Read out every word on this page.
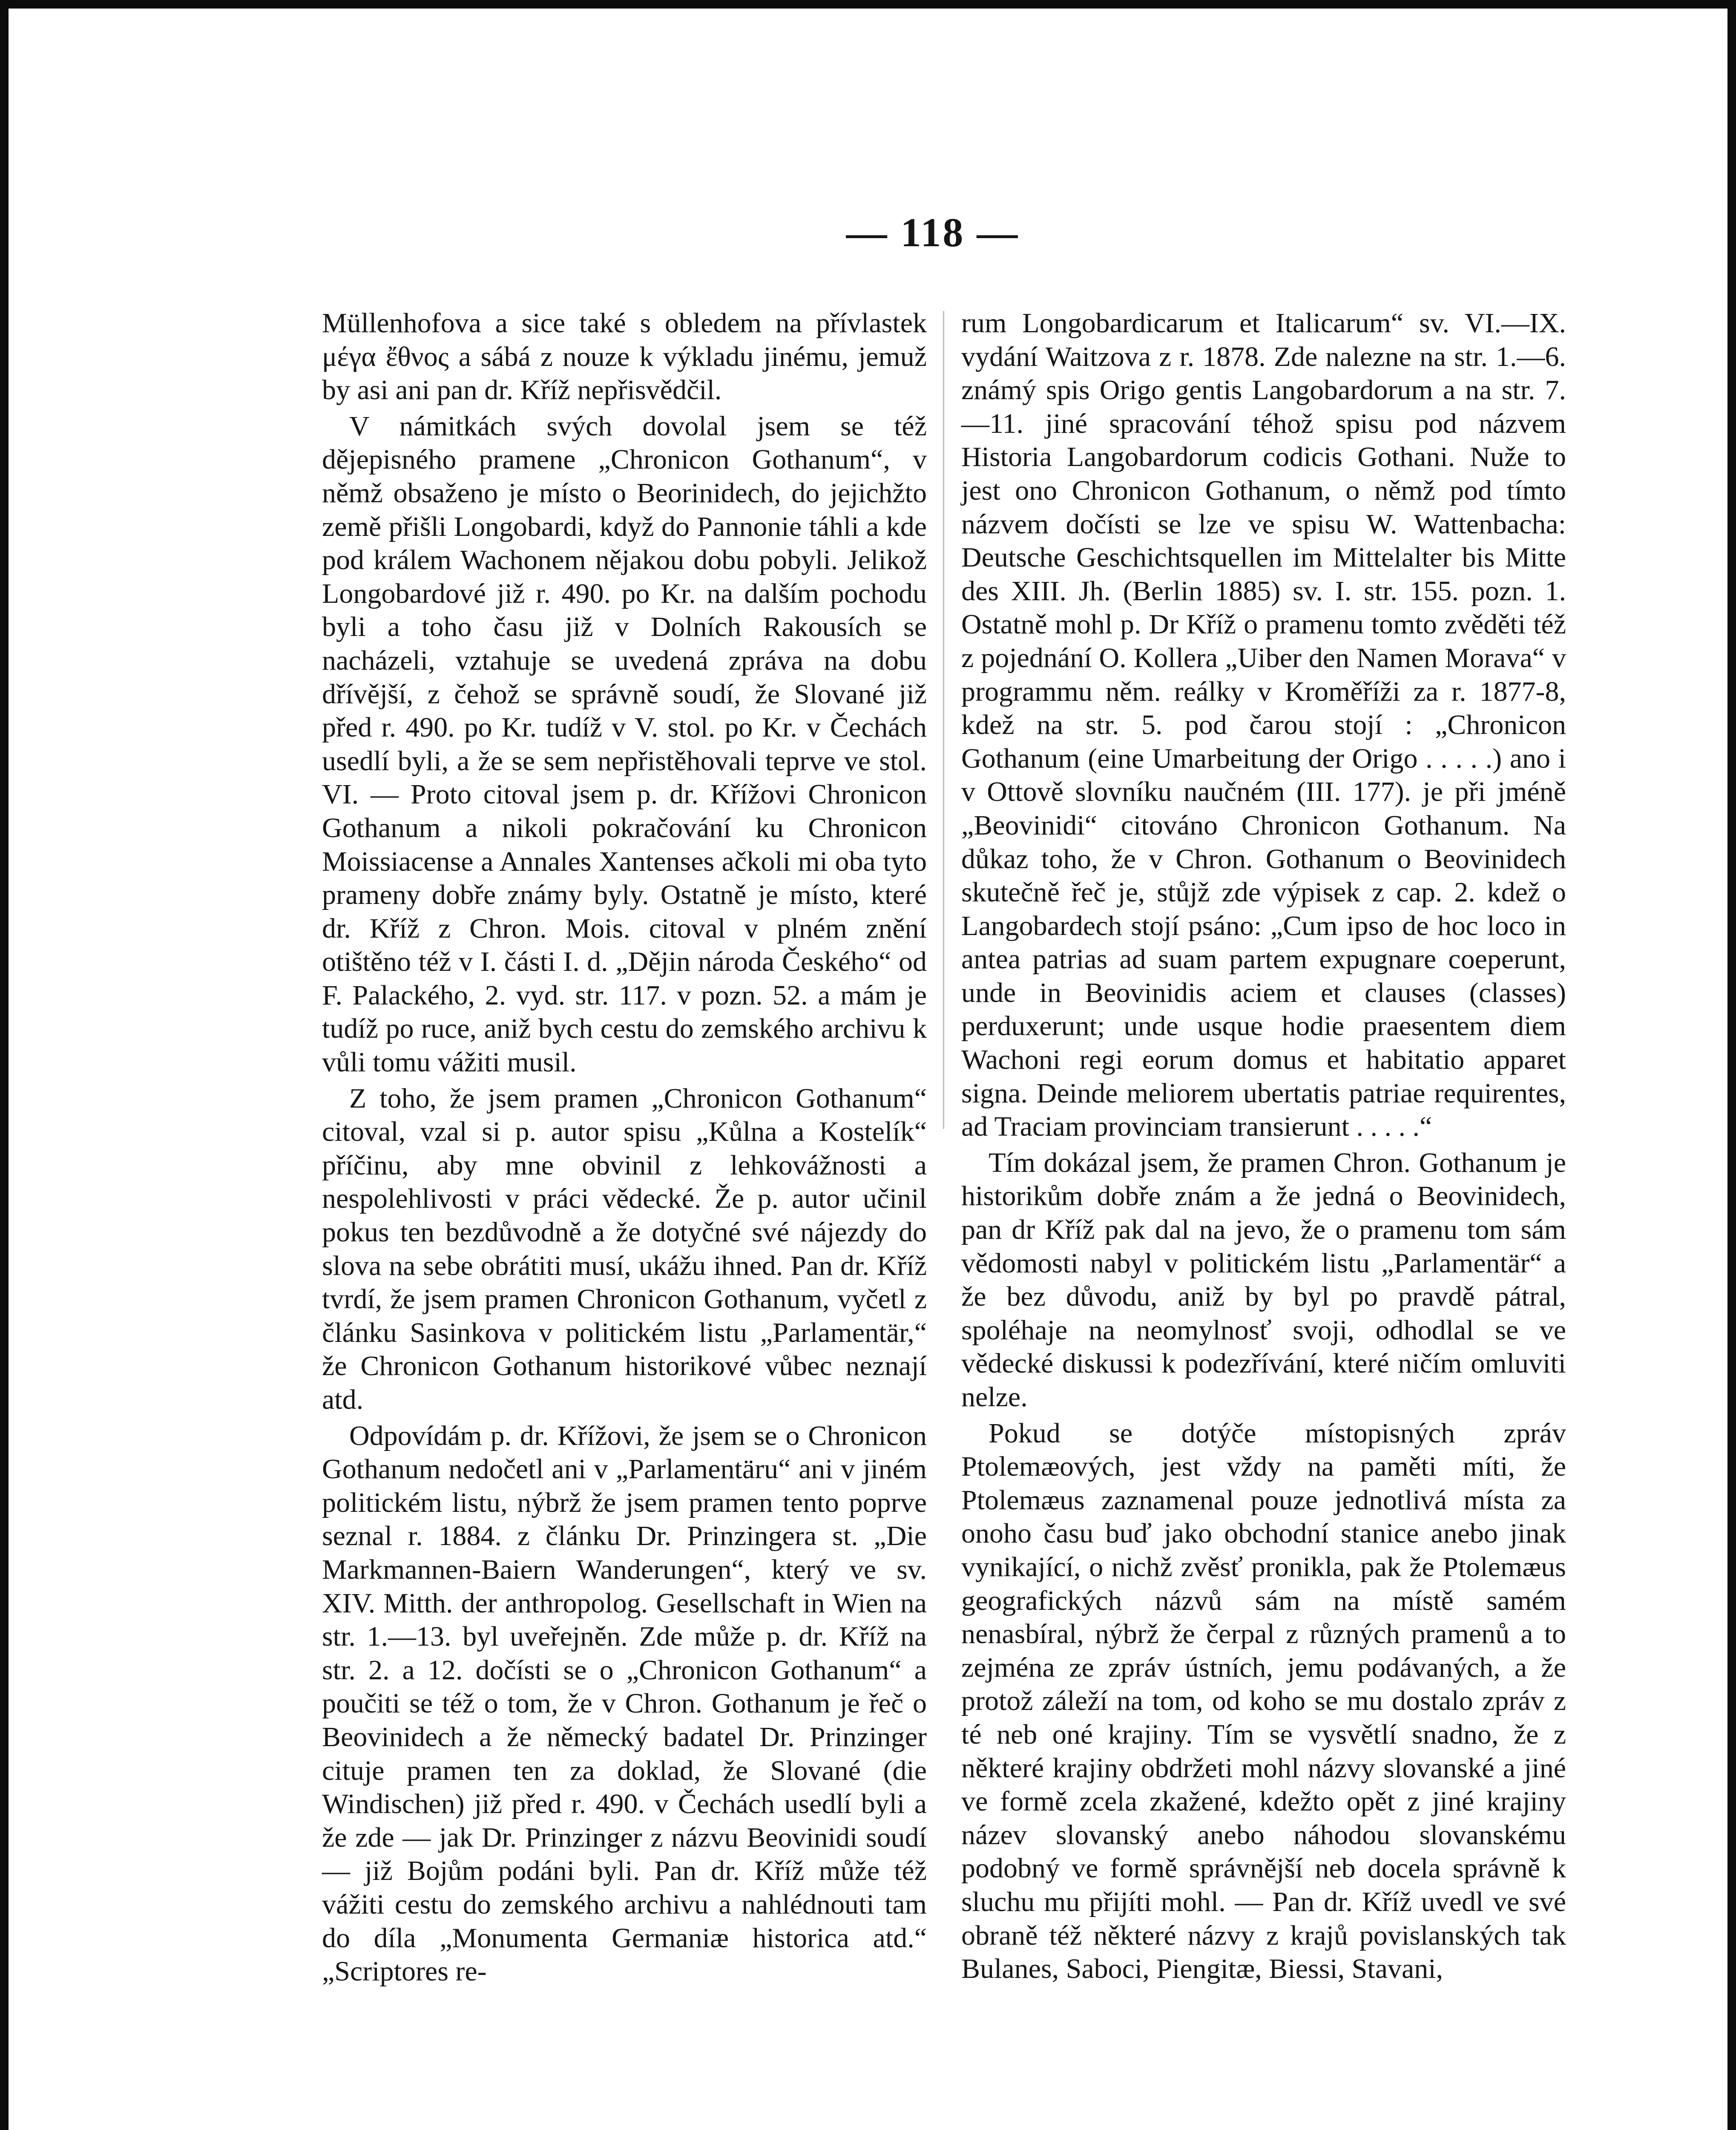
— 118 —

Müllenhofova a sice také s obledem na přívlastek μέγα ἔθνος a sábá z nouze k výkladu jinému, jemuž by asi ani pan dr. Kříž nepřisvědčil.

V námitkách svých dovolal jsem se též dějepisného pramene „Chronicon Gothanum“, v němž obsaženo je místo o Beorinidech, do jejichžto země přišli Longobardi, když do Pannonie táhli a kde pod králem Wachonem nějakou dobu pobyli. Jelikož Longobardové již r. 490. po Kr. na dalším pochodu byli a toho času již v Dolních Rakousích se nacházeli, vztahuje se uvedená zpráva na dobu dřívější, z čehož se správně soudí, že Slované již před r. 490. po Kr. tudíž v V. stol. po Kr. v Čechách usedlí byli, a že se sem nepřistěhovali teprve ve stol. VI. — Proto citoval jsem p. dr. Křížovi Chronicon Gothanum a nikoli pokračování ku Chronicon Moissiacense a Annales Xantenses ačkoli mi oba tyto prameny dobře známy byly. Ostatně je místo, které dr. Kříž z Chron. Mois. citoval v plném znění otištěno též v I. části I. d. „Dějin národa Českého“ od F. Palackého, 2. vyd. str. 117. v pozn. 52. a mám je tudíž po ruce, aniž bych cestu do zemského archivu k vůli tomu vážiti musil.

Z toho, že jsem pramen „Chronicon Gothanum“ citoval, vzal si p. autor spisu „Kůlna a Kostelík“ příčinu, aby mne obvinil z lehkovážnosti a nespolehlivosti v práci vědecké. Že p. autor učinil pokus ten bezdůvodně a že dotyčné své nájezdy do slova na sebe obrátiti musí, ukážu ihned. Pan dr. Kříž tvrdí, že jsem pramen Chronicon Gothanum, vyčetl z článku Sasinkova v politickém listu „Parlamentär,“ že Chronicon Gothanum historikové vůbec neznají atd.

Odpovídám p. dr. Křížovi, že jsem se o Chronicon Gothanum nedočetl ani v „Parlamentäru“ ani v jiném politickém listu, nýbrž že jsem pramen tento poprve seznal r. 1884. z článku Dr. Prinzingera st. „Die Markmannen-Baiern Wanderungen“, který ve sv. XIV. Mitth. der anthropolog. Gesellschaft in Wien na str. 1.—13. byl uveřejněn. Zde může p. dr. Kříž na str. 2. a 12. dočísti se o „Chronicon Gothanum“ a poučiti se též o tom, že v Chron. Gothanum je řeč o Beovinidech a že německý badatel Dr. Prinzinger cituje pramen ten za doklad, že Slované (die Windischen) již před r. 490. v Čechách usedlí byli a že zde — jak Dr. Prinzinger z názvu Beovinidi soudí — již Bojům podáni byli. Pan dr. Kříž může též vážiti cestu do zemského archivu a nahlédnouti tam do díla „Monumenta Germaniæ historica atd.“ „Scriptores re-

rum Longobardicarum et Italicarum“ sv. VI.—IX. vydání Waitzova z r. 1878. Zde nalezne na str. 1.—6. známý spis Origo gentis Langobardorum a na str. 7.—11. jiné spracování téhož spisu pod názvem Historia Langobardorum codicis Gothani. Nuže to jest ono Chronicon Gothanum, o němž pod tímto názvem dočísti se lze ve spisu W. Wattenbacha: Deutsche Geschichtsquellen im Mittelalter bis Mitte des XIII. Jh. (Berlin 1885) sv. I. str. 155. pozn. 1. Ostatně mohl p. Dr Kříž o pramenu tomto zvěděti též z pojednání O. Kollera „Uiber den Namen Morava“ v programmu něm. reálky v Kroměříži za r. 1877-8, kdež na str. 5. pod čarou stojí : „Chronicon Gothanum (eine Umarbeitung der Origo . . . . .) ano i v Ottově slovníku naučném (III. 177). je při jméně „Beovinidi“ citováno Chronicon Gothanum. Na důkaz toho, že v Chron. Gothanum o Beovinidech skutečně řeč je, stůjž zde výpisek z cap. 2. kdež o Langobardech stojí psáno: „Cum ipso de hoc loco in antea patrias ad suam partem expugnare coeperunt, unde in Beovinidis aciem et clauses (classes) perduxerunt; unde usque hodie praesentem diem Wachoni regi eorum domus et habitatio apparet signa. Deinde meliorem ubertatis patriae requirentes, ad Traciam provinciam transierunt . . . . .“

Tím dokázal jsem, že pramen Chron. Gothanum je historikům dobře znám a že jedná o Beovinidech, pan dr Kříž pak dal na jevo, že o pramenu tom sám vědomosti nabyl v politickém listu „Parlamentär“ a že bez důvodu, aniž by byl po pravdě pátral, spoléhaje na neomylnosť svoji, odhodlal se ve vědecké diskussi k podezřívání, které ničím omluviti nelze.

Pokud se dotýče místopisných zpráv Ptolemæových, jest vždy na paměti míti, že Ptolemæus zaznamenal pouze jednotlivá místa za onoho času buď jako obchodní stanice anebo jinak vynikající, o nichž zvěsť pronikla, pak že Ptolemæus geografických názvů sám na místě samém nenasbíral, nýbrž že čerpal z různých pramenů a to zejména ze zpráv ústních, jemu podávaných, a že protož záleží na tom, od koho se mu dostalo zpráv z té neb oné krajiny. Tím se vysvětlí snadno, že z některé krajiny obdržeti mohl názvy slovanské a jiné ve formě zcela zkažené, kdežto opět z jiné krajiny název slovanský anebo náhodou slovanskému podobný ve formě správnější neb docela správně k sluchu mu přijíti mohl. — Pan dr. Kříž uvedl ve své obraně též některé názvy z krajů povislanských tak Bulanes, Saboci, Piengitæ, Biessi, Stavani,
